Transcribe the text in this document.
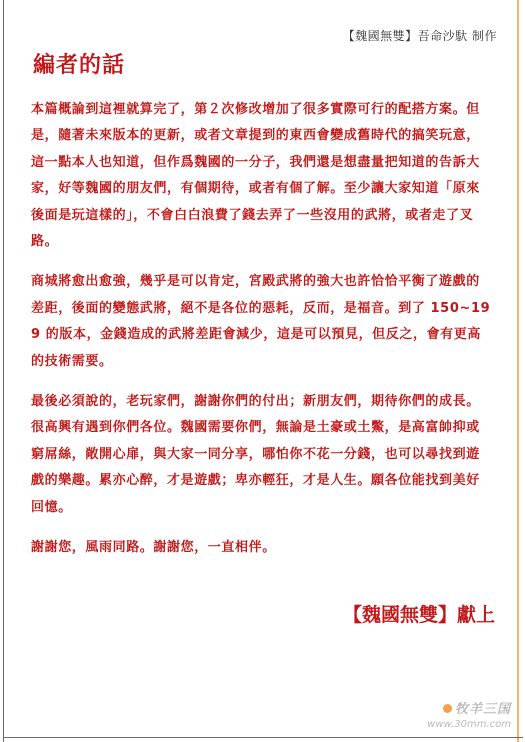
【魏國無雙】吾命沙馱 制作
編者的話

本篇概論到這裡就算完了，第２次修改增加了很多實際可行的配搭方案。但是，隨著未來版本的更新，或者文章提到的東西會變成舊時代的搞笑玩意，這一點本人也知道，但作爲魏國的一分子，我們還是想盡量把知道的告訴大家，好等魏國的朋友們，有個期待，或者有個了解。至少讓大家知道「原來後面是玩這樣的」，不會白白浪費了錢去弄了一些沒用的武將，或者走了叉路。

商城將愈出愈強，幾乎是可以肯定，宮殿武將的強大也許恰恰平衡了遊戲的差距，後面的變態武將，絕不是各位的惡耗，反而，是福音。到了 150~199 的版本，金錢造成的武將差距會減少，這是可以預見，但反之，會有更高的技術需要。

最後必須說的，老玩家們，謝謝你們的付出；新朋友們，期待你們的成長。很高興有遇到你們各位。魏國需要你們，無論是土豪或土鱉，是高富帥抑或窮屌絲，敞開心扉，與大家一同分享，哪怕你不花一分錢，也可以尋找到遊戲的樂趣。累亦心醉，才是遊戲；卑亦輕狂，才是人生。願各位能找到美好回憶。

謝謝您，風雨同路。謝謝您，一直相伴。

【魏國無雙】獻上
牧羊三国
www.30mm.com
